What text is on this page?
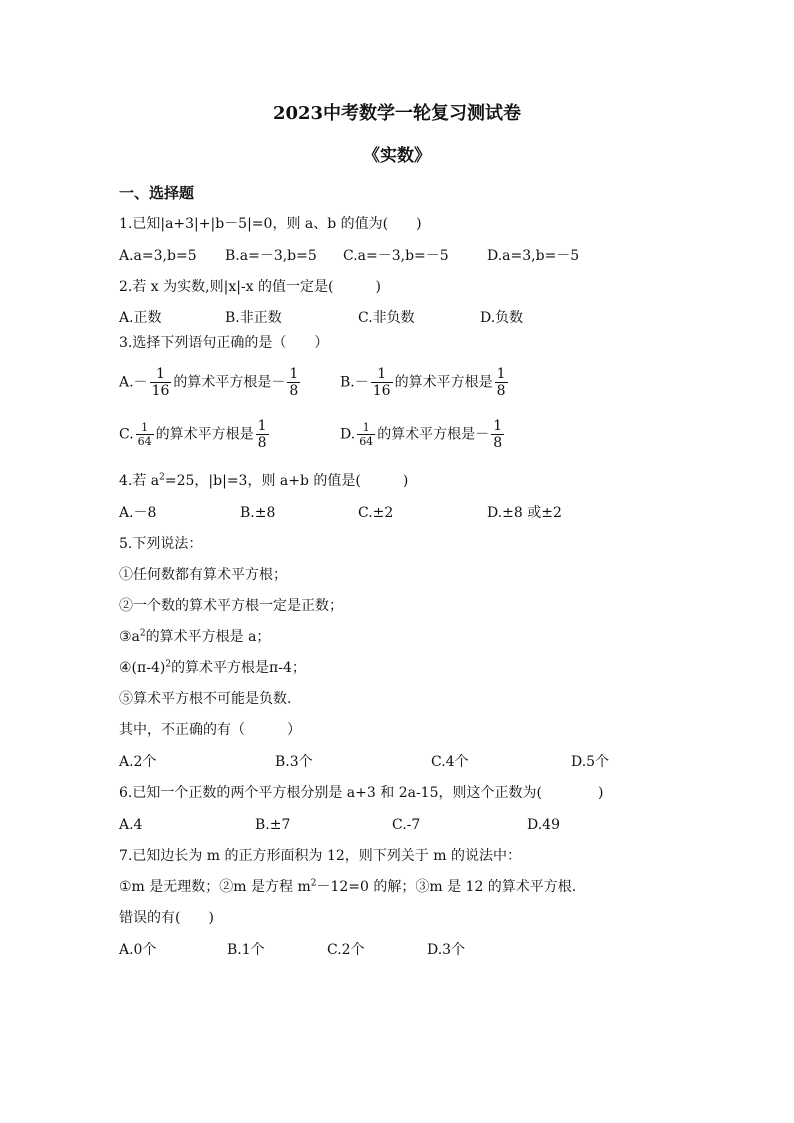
2023中考数学一轮复习测试卷
《实数》
一、选择题
1.已知|a+3|+|b－5|=0，则 a、b 的值为(　　)
A.a=3,b=5 B.a=－3,b=5 C.a=－3,b=－5	D.a=3,b=－5
2.若 x 为实数,则|x|-x 的值一定是(　　　)
A.正数	B.非正数	C.非负数	D.负数
3.选择下列语句正确的是（　　）
$A.- \frac{1}{16}$ 的算术平方根是－ $\frac{1}{8}$	$B.- \frac{1}{16}$ 的算术平方根是 $\frac{1}{8}$
C. $\frac{1}{64}$ 的算术平方根是 $\frac{1}{8}$	D. $\frac{1}{64}$ 的算术平方根是－ $\frac{1}{8}$
4.若 $a^2=25$，|b|=3，则 a+b 的值是(　　　)
A.－8	B.±8	C.±2	D.±8 或±2
5.下列说法：
①任何数都有算术平方根；
②一个数的算术平方根一定是正数；
$③a^2$的算术平方根是 a；
$④(\pi-4)^2$的算术平方根是π-4；
⑤算术平方根不可能是负数.
其中，不正确的有（　　　）
A.2个	B.3个	C.4个	D.5个
6.已知一个正数的两个平方根分别是 a+3 和 2a-15，则这个正数为(　　　　)
A.4	B.±7	C.-7	D.49
7.已知边长为 m 的正方形面积为 12，则下列关于 m 的说法中：
①m 是无理数；②m 是方程 $m^2-12=0$ 的解；③m 是 12 的算术平方根.
错误的有(　　)
A.0个	B.1个	C.2个	D.3个
